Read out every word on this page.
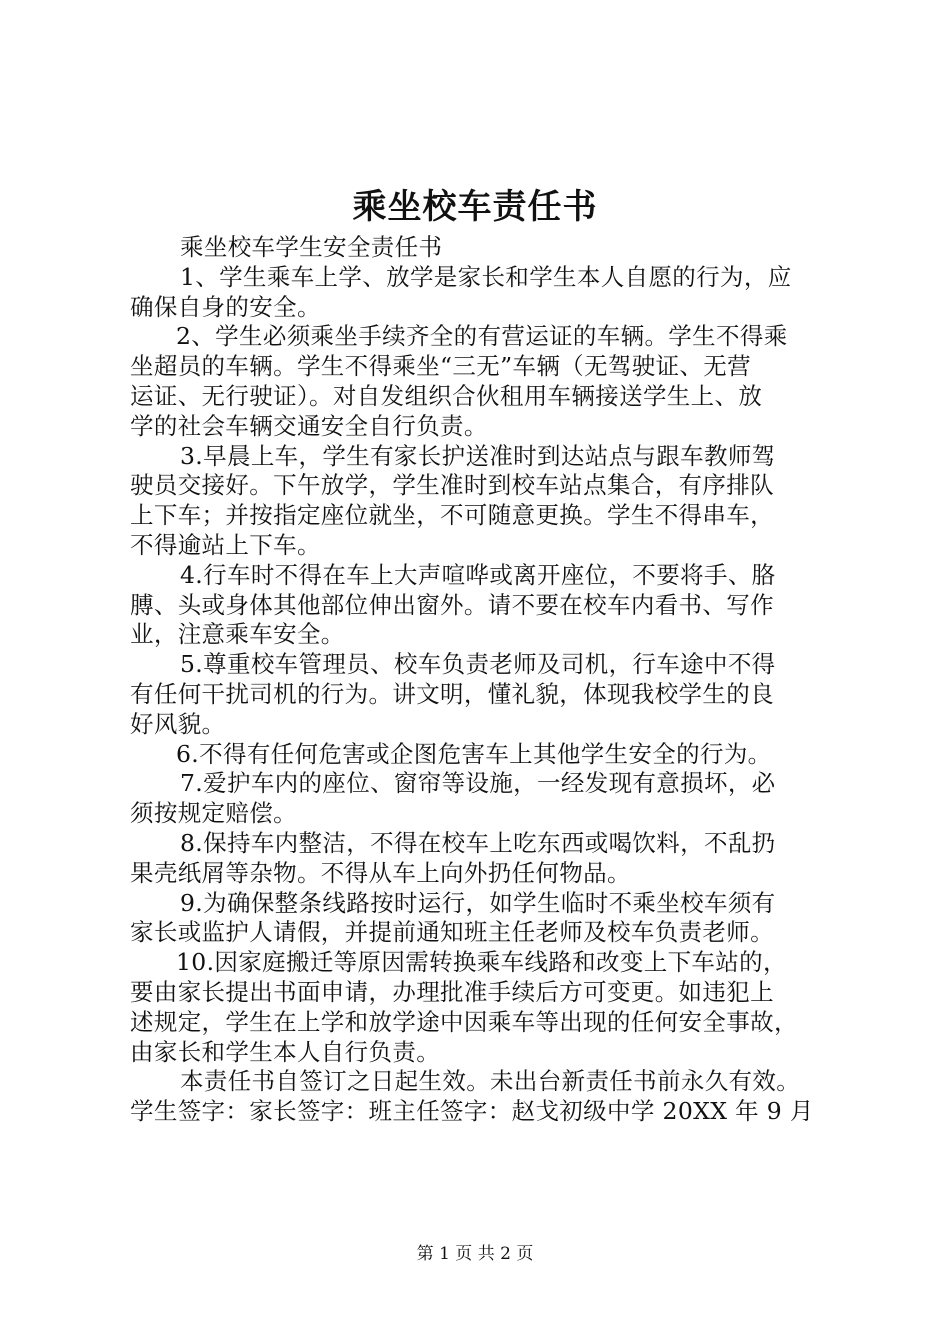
乘坐校车责任书
乘坐校车学生安全责任书
1、学生乘车上学、放学是家长和学生本人自愿的行为，应
确保自身的安全。
2、学生必须乘坐手续齐全的有营运证的车辆。学生不得乘
坐超员的车辆。学生不得乘坐“三无”车辆（无驾驶证、无营
运证、无行驶证）。对自发组织合伙租用车辆接送学生上、放
学的社会车辆交通安全自行负责。
3.早晨上车，学生有家长护送准时到达站点与跟车教师驾
驶员交接好。下午放学，学生准时到校车站点集合，有序排队
上下车；并按指定座位就坐，不可随意更换。学生不得串车，
不得逾站上下车。
4.行车时不得在车上大声喧哗或离开座位，不要将手、胳
膊、头或身体其他部位伸出窗外。请不要在校车内看书、写作
业，注意乘车安全。
5.尊重校车管理员、校车负责老师及司机，行车途中不得
有任何干扰司机的行为。讲文明，懂礼貌，体现我校学生的良
好风貌。
6.不得有任何危害或企图危害车上其他学生安全的行为。
7.爱护车内的座位、窗帘等设施，一经发现有意损坏，必
须按规定赔偿。
8.保持车内整洁，不得在校车上吃东西或喝饮料，不乱扔
果壳纸屑等杂物。不得从车上向外扔任何物品。
9.为确保整条线路按时运行，如学生临时不乘坐校车须有
家长或监护人请假，并提前通知班主任老师及校车负责老师。
10.因家庭搬迁等原因需转换乘车线路和改变上下车站的，
要由家长提出书面申请，办理批准手续后方可变更。如违犯上
述规定，学生在上学和放学途中因乘车等出现的任何安全事故，
由家长和学生本人自行负责。
本责任书自签订之日起生效。未出台新责任书前永久有效。
学生签字：家长签字：班主任签字：赵戈初级中学 20XX 年 9 月
第 1 页 共 2 页
